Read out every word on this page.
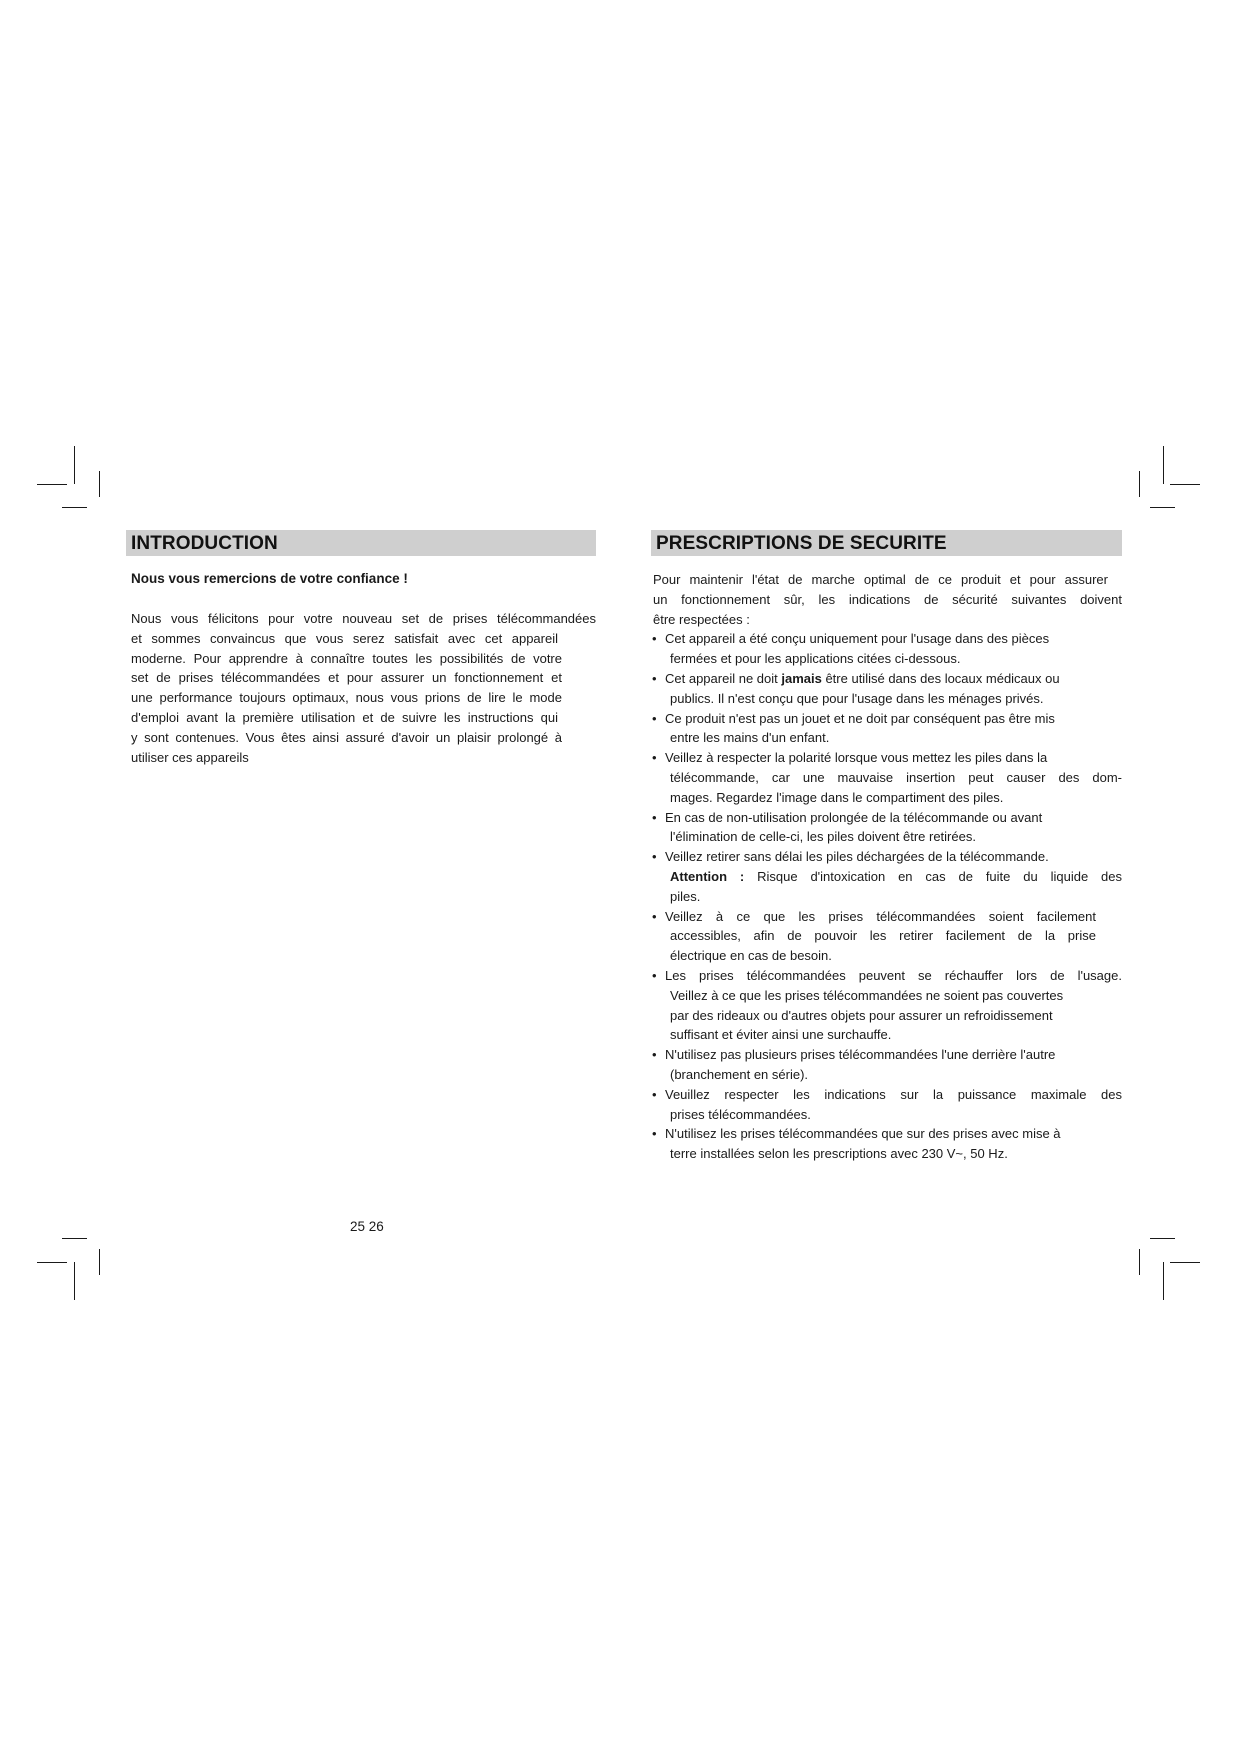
INTRODUCTION
Nous vous remercions de votre confiance !
Nous vous félicitons pour votre nouveau set de prises télécommandées
et sommes convaincus que vous serez satisfait avec cet appareil
moderne. Pour apprendre à connaître toutes les possibilités de votre
set de prises télécommandées et pour assurer un fonctionnement et
une performance toujours optimaux, nous vous prions de lire le mode
d'emploi avant la première utilisation et de suivre les instructions qui
y sont contenues. Vous êtes ainsi assuré d'avoir un plaisir prolongé à
utiliser ces appareils
PRESCRIPTIONS DE SECURITE
Pour maintenir l'état de marche optimal de ce produit et pour assurer
un fonctionnement sûr, les indications de sécurité suivantes doivent
être respectées :
• Cet appareil a été conçu uniquement pour l'usage dans des pièces
fermées et pour les applications citées ci-dessous.
• Cet appareil ne doit jamais être utilisé dans des locaux médicaux ou
publics. Il n'est conçu que pour l'usage dans les ménages privés.
• Ce produit n'est pas un jouet et ne doit par conséquent pas être mis
entre les mains d'un enfant.
• Veillez à respecter la polarité lorsque vous mettez les piles dans la
télécommande, car une mauvaise insertion peut causer des dom-
mages. Regardez l'image dans le compartiment des piles.
• En cas de non-utilisation prolongée de la télécommande ou avant
l'élimination de celle-ci, les piles doivent être retirées.
• Veillez retirer sans délai les piles déchargées de la télécommande.
Attention : Risque d'intoxication en cas de fuite du liquide des
piles.
• Veillez à ce que les prises télécommandées soient facilement
accessibles, afin de pouvoir les retirer facilement de la prise
électrique en cas de besoin.
• Les prises télécommandées peuvent se réchauffer lors de l'usage.
Veillez à ce que les prises télécommandées ne soient pas couvertes
par des rideaux ou d'autres objets pour assurer un refroidissement
suffisant et éviter ainsi une surchauffe.
• N'utilisez pas plusieurs prises télécommandées l'une derrière l'autre
(branchement en série).
• Veuillez respecter les indications sur la puissance maximale des
prises télécommandées.
• N'utilisez les prises télécommandées que sur des prises avec mise à
terre installées selon les prescriptions avec 230 V~, 50 Hz.
25 26
